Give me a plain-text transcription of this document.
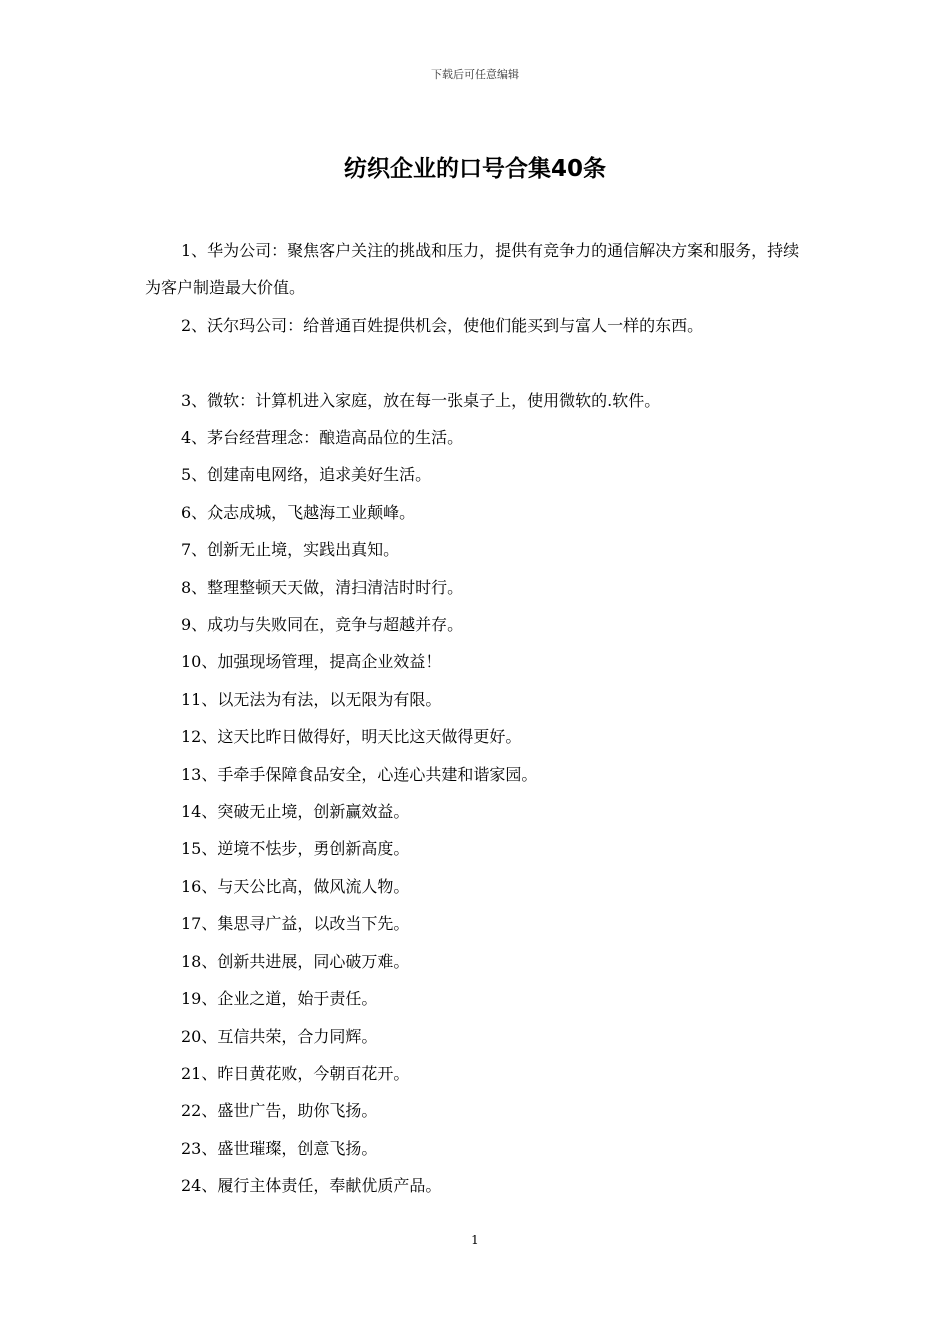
下载后可任意编辑
纺织企业的口号合集40条

1、华为公司：聚焦客户关注的挑战和压力，提供有竞争力的通信解决方案和服务，持续为客户制造最大价值。

2、沃尔玛公司：给普通百姓提供机会，使他们能买到与富人一样的东西。

3、微软：计算机进入家庭，放在每一张桌子上，使用微软的.软件。

4、茅台经营理念：酿造高品位的生活。

5、创建南电网络，追求美好生活。

6、众志成城，飞越海工业颠峰。

7、创新无止境，实践出真知。

8、整理整顿天天做，清扫清洁时时行。

9、成功与失败同在，竞争与超越并存。

10、加强现场管理，提高企业效益！

11、以无法为有法，以无限为有限。

12、这天比昨日做得好，明天比这天做得更好。

13、手牵手保障食品安全，心连心共建和谐家园。

14、突破无止境，创新赢效益。

15、逆境不怯步，勇创新高度。

16、与天公比高，做风流人物。

17、集思寻广益，以改当下先。

18、创新共进展，同心破万难。

19、企业之道，始于责任。

20、互信共荣，合力同辉。

21、昨日黄花败，今朝百花开。

22、盛世广告，助你飞扬。

23、盛世璀璨，创意飞扬。

24、履行主体责任，奉献优质产品。

1
